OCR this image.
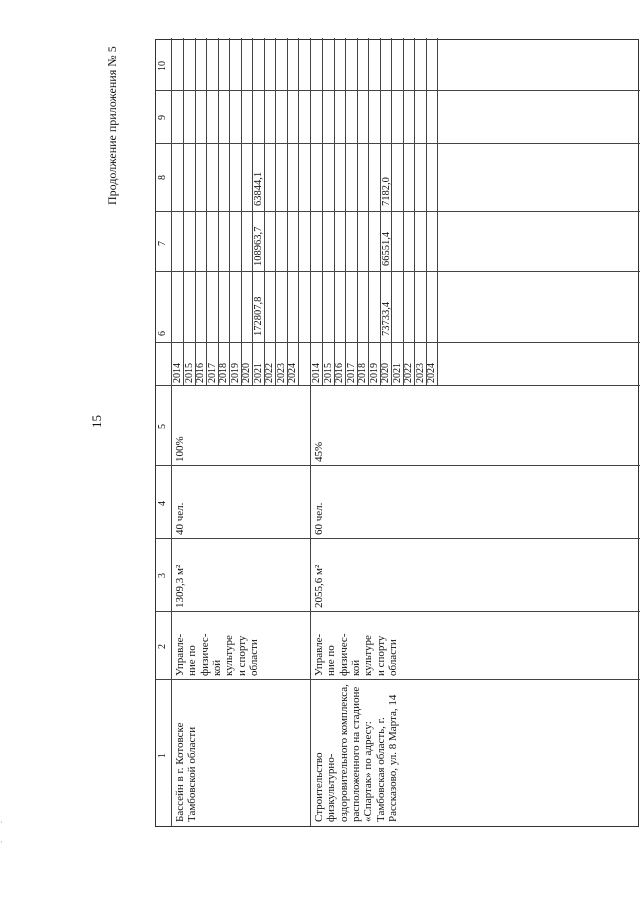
15
Продолжение приложения № 5
·
·
1
2
3
4
5
6
7
8
9
10
Бассейн в г. Котовске Тамбовской области
Управле-
ние по
физичес-
кой
культуре
и спорту
области
1309,3 м²
40 чел.
100%
2014 2015 2016 2017 2018 2019 2020 2021 2022 2023 2024
172807,8
108963,7
63844,1
Строительство физкультурно-оздоровительного комплекса, расположенного на стадионе «Спартак» по адресу: Тамбовская область, г. Рассказово, ул. 8 Марта, 14
Управле-
ние по
физичес-
кой
культуре
и спорту
области
2055,6 м²
60 чел.
45%
2014 2015 2016 2017 2018 2019 2020 2021 2022 2023 2024
73733,4
66551,4
7182,0
